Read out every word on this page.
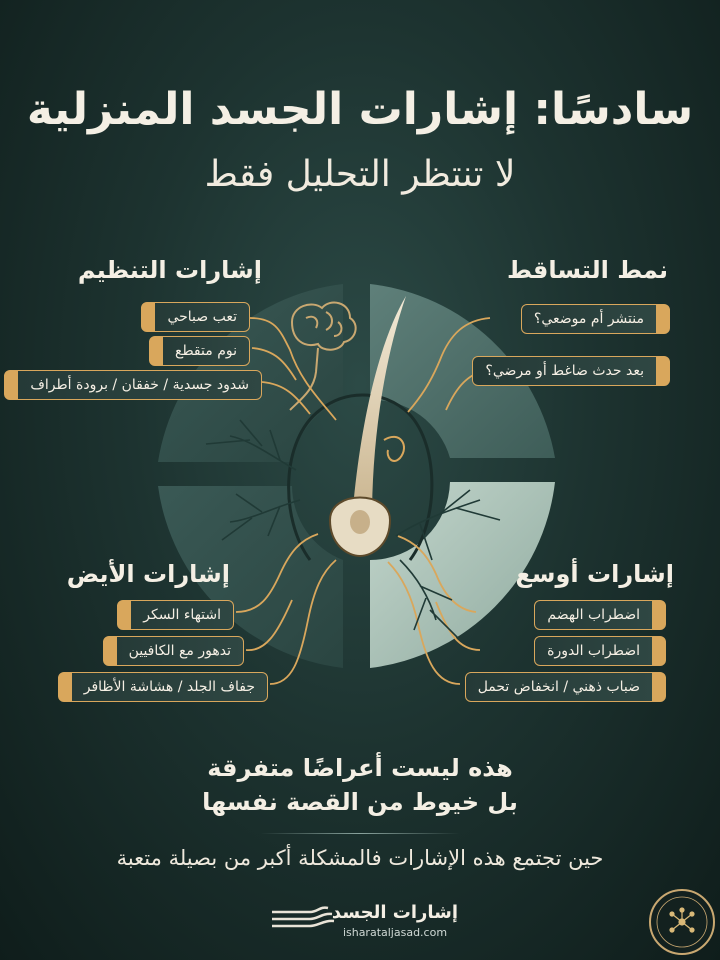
سادسًا: إشارات الجسد المنزلية
لا تنتظر التحليل فقط
إشارات التنظيم
تعب صباحي
نوم متقطع
شدود جسدية / خفقان / برودة أطراف
نمط التساقط
منتشر أم موضعي؟
بعد حدث ضاغط أو مرضي؟
إشارات الأيض
اشتهاء السكر
تدهور مع الكافيين
جفاف الجلد / هشاشة الأظافر
إشارات أوسع
اضطراب الهضم
اضطراب الدورة
ضباب ذهني / انخفاض تحمل
هذه ليست أعراضًا متفرقة
بل خيوط من القصة نفسها
حين تجتمع هذه الإشارات فالمشكلة أكبر من بصيلة متعبة
إشارات الجسد
isharataljasad.com
